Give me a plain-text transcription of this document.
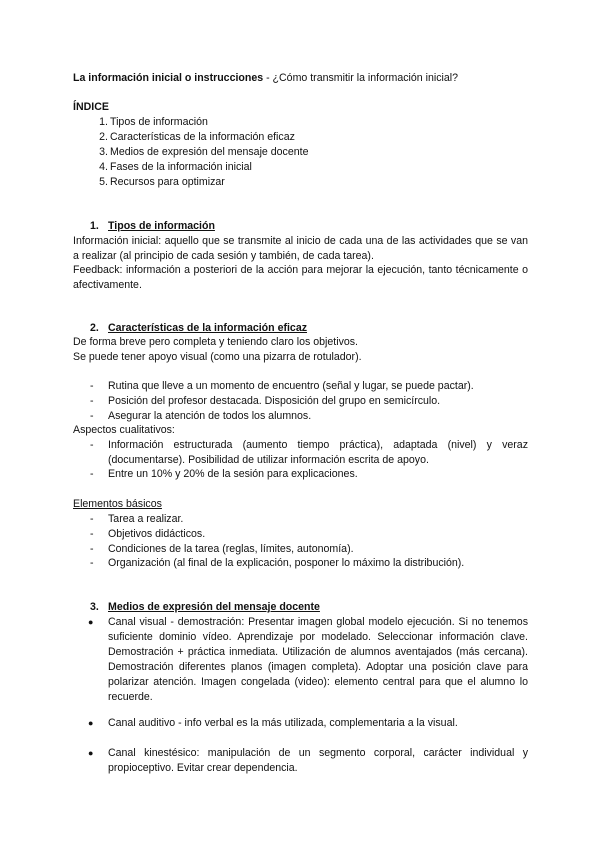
La información inicial o instrucciones - ¿Cómo transmitir la información inicial?
ÍNDICE
1. Tipos de información
2. Características de la información eficaz
3. Medios de expresión del mensaje docente
4. Fases de la información inicial
5. Recursos para optimizar
1. Tipos de información
Información inicial: aquello que se transmite al inicio de cada una de las actividades que se van a realizar (al principio de cada sesión y también, de cada tarea).
Feedback: información a posteriori de la acción para mejorar la ejecución, tanto técnicamente o afectivamente.
2. Características de la información eficaz
De forma breve pero completa y teniendo claro los objetivos.
Se puede tener apoyo visual (como una pizarra de rotulador).
- Rutina que lleve a un momento de encuentro (señal y lugar, se puede pactar).
- Posición del profesor destacada. Disposición del grupo en semicírculo.
- Asegurar la atención de todos los alumnos.
Aspectos cualitativos:
- Información estructurada (aumento tiempo práctica), adaptada (nivel) y veraz (documentarse). Posibilidad de utilizar información escrita de apoyo.
- Entre un 10% y 20% de la sesión para explicaciones.
Elementos básicos
- Tarea a realizar.
- Objetivos didácticos.
- Condiciones de la tarea (reglas, límites, autonomía).
- Organización (al final de la explicación, posponer lo máximo la distribución).
3. Medios de expresión del mensaje docente
● Canal visual - demostración: Presentar imagen global modelo ejecución. Si no tenemos suficiente dominio vídeo. Aprendizaje por modelado. Seleccionar información clave. Demostración + práctica inmediata. Utilización de alumnos aventajados (más cercana). Demostración diferentes planos (imagen completa). Adoptar una posición clave para polarizar atención. Imagen congelada (video): elemento central para que el alumno lo recuerde.
● Canal auditivo - info verbal es la más utilizada, complementaria a la visual.
● Canal kinestésico: manipulación de un segmento corporal, carácter individual y propioceptivo. Evitar crear dependencia.
